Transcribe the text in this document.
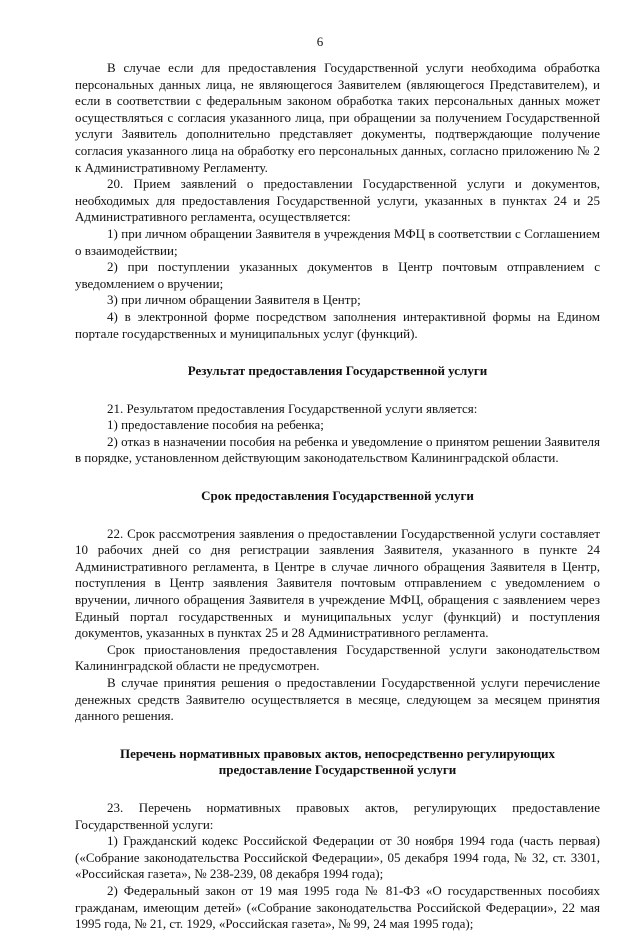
6

В случае если для предоставления Государственной услуги необходима обработка персональных данных лица, не являющегося Заявителем (являющегося Представителем), и если в соответствии с федеральным законом обработка таких персональных данных может осуществляться с согласия указанного лица, при обращении за получением Государственной услуги Заявитель дополнительно представляет документы, подтверждающие получение согласия указанного лица на обработку его персональных данных, согласно приложению № 2 к Административному Регламенту.

20. Прием заявлений о предоставлении Государственной услуги и документов, необходимых для предоставления Государственной услуги, указанных в пунктах 24 и 25 Административного регламента, осуществляется:

1) при личном обращении Заявителя в учреждения МФЦ в соответствии с Соглашением о взаимодействии;

2) при поступлении указанных документов в Центр почтовым отправлением с уведомлением о вручении;

3) при личном обращении Заявителя в Центр;

4) в электронной форме посредством заполнения интерактивной формы на Едином портале государственных и муниципальных услуг (функций).

Результат предоставления Государственной услуги

21. Результатом предоставления Государственной услуги является:

1) предоставление пособия на ребенка;

2) отказ в назначении пособия на ребенка и уведомление о принятом решении Заявителя в порядке, установленном действующим законодательством Калининградской области.

Срок предоставления Государственной услуги

22. Срок рассмотрения заявления о предоставлении Государственной услуги составляет 10 рабочих дней со дня регистрации заявления Заявителя, указанного в пункте 24 Административного регламента, в Центре в случае личного обращения Заявителя в Центр, поступления в Центр заявления Заявителя почтовым отправлением с уведомлением о вручении, личного обращения Заявителя в учреждение МФЦ, обращения с заявлением через Единый портал государственных и муниципальных услуг (функций) и поступления документов, указанных в пунктах 25 и 28 Административного регламента.

Срок приостановления предоставления Государственной услуги законодательством Калининградской области не предусмотрен.

В случае принятия решения о предоставлении Государственной услуги перечисление денежных средств Заявителю осуществляется в месяце, следующем за месяцем принятия данного решения.

Перечень нормативных правовых актов, непосредственно регулирующих
предоставление Государственной услуги

23. Перечень нормативных правовых актов, регулирующих предоставление Государственной услуги:

1) Гражданский кодекс Российской Федерации от 30 ноября 1994 года (часть первая) («Собрание законодательства Российской Федерации», 05 декабря 1994 года, № 32, ст. 3301, «Российская газета», № 238-239, 08 декабря 1994 года);

2) Федеральный закон от 19 мая 1995 года № 81-ФЗ «О государственных пособиях гражданам, имеющим детей» («Собрание законодательства Российской Федерации», 22 мая 1995 года, № 21, ст. 1929, «Российская газета», № 99, 24 мая 1995 года);
